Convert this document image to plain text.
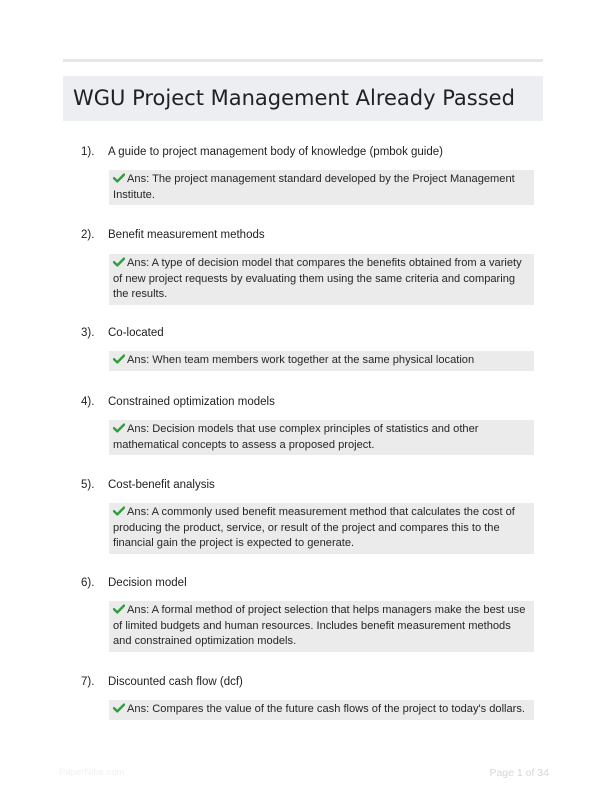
WGU Project Management Already Passed
1). A guide to project management body of knowledge (pmbok guide)
Ans: The project management standard developed by the Project Management Institute.
2). Benefit measurement methods
Ans: A type of decision model that compares the benefits obtained from a variety of new project requests by evaluating them using the same criteria and comparing the results.
3). Co-located
Ans: When team members work together at the same physical location
4). Constrained optimization models
Ans: Decision models that use complex principles of statistics and other mathematical concepts to assess a proposed project.
5). Cost-benefit analysis
Ans: A commonly used benefit measurement method that calculates the cost of producing the product, service, or result of the project and compares this to the financial gain the project is expected to generate.
6). Decision model
Ans: A formal method of project selection that helps managers make the best use of limited budgets and human resources. Includes benefit measurement methods and constrained optimization models.
7). Discounted cash flow (dcf)
Ans: Compares the value of the future cash flows of the project to today's dollars.
PaperNibe.com	Page 1 of 34
